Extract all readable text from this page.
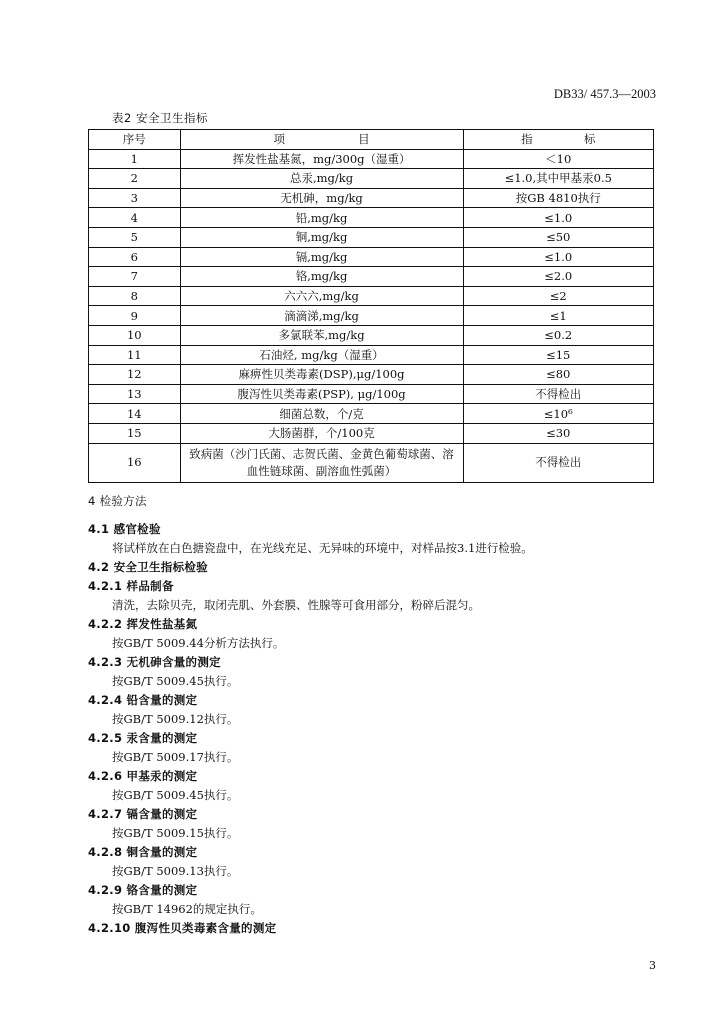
DB33/ 457.3—2003
表2 安全卫生指标
序号	项                    目	指              标
1	挥发性盐基氮，mg/300g（湿重）	＜10
2	总汞,mg/kg	≤1.0,其中甲基汞0.5
3	无机砷，mg/kg	按GB 4810执行
4	铅,mg/kg	≤1.0
5	铜,mg/kg	≤50
6	镉,mg/kg	≤1.0
7	铬,mg/kg	≤2.0
8	六六六,mg/kg	≤2
9	滴滴涕,mg/kg	≤1
10	多氯联苯,mg/kg	≤0.2
11	石油烃, mg/kg（湿重）	≤15
12	麻痹性贝类毒素(DSP),μg/100g	≤80
13	腹泻性贝类毒素(PSP), μg/100g	不得检出
14	细菌总数，个/克	≤10⁶
15	大肠菌群，个/100克	≤30
16	致病菌（沙门氏菌、志贺氏菌、金黄色葡萄球菌、溶血性链球菌、副溶血性弧菌）	不得检出
4 检验方法
4.1 感官检验
将试样放在白色搪瓷盘中，在光线充足、无异味的环境中，对样品按3.1进行检验。
4.2 安全卫生指标检验
4.2.1 样品制备
清洗，去除贝壳，取闭壳肌、外套膜、性腺等可食用部分，粉碎后混匀。
4.2.2 挥发性盐基氮
按GB/T 5009.44分析方法执行。
4.2.3 无机砷含量的测定
按GB/T 5009.45执行。
4.2.4 铅含量的测定
按GB/T 5009.12执行。
4.2.5 汞含量的测定
按GB/T 5009.17执行。
4.2.6 甲基汞的测定
按GB/T 5009.45执行。
4.2.7 镉含量的测定
按GB/T 5009.15执行。
4.2.8 铜含量的测定
按GB/T 5009.13执行。
4.2.9 铬含量的测定
按GB/T 14962的规定执行。
4.2.10 腹泻性贝类毒素含量的测定
3
